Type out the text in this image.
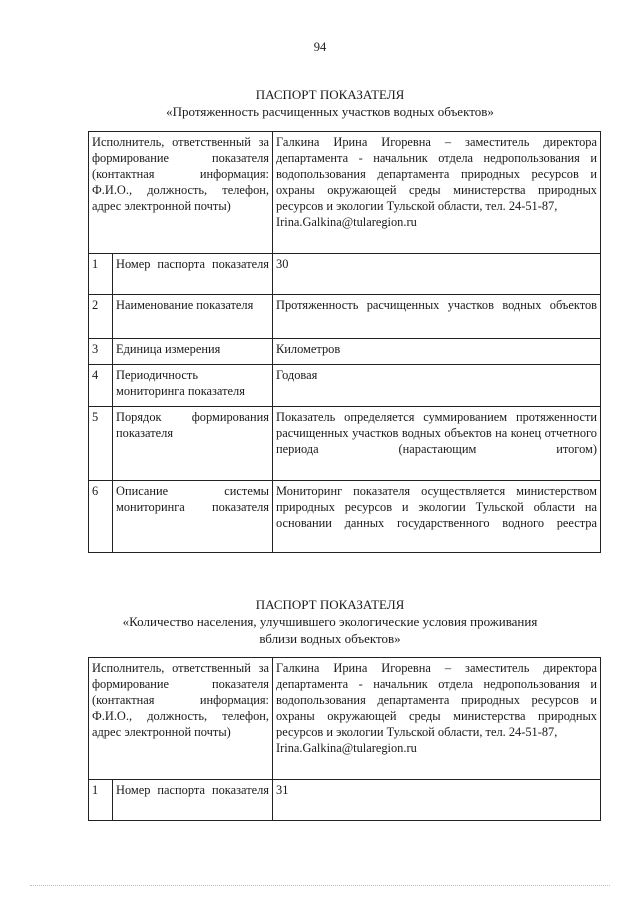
94
ПАСПОРТ ПОКАЗАТЕЛЯ
«Протяженность расчищенных участков водных объектов»
Исполнитель, ответственный за формирование показателя (контактная информация: Ф.И.О., должность, телефон, адрес электронной почты)		Галкина Ирина Игоревна – заместитель директора департамента - начальник отдела недропользования и водопользования департамента природных ресурсов и охраны окружающей среды министерства природных ресурсов и экологии Тульской области, тел. 24-51-87,
Irina.Galkina@tularegion.ru
1	Номер паспорта показателя	30
2	Наименование показателя	Протяженность расчищенных участков водных объектов
3	Единица измерения	Километров
4	Периодичность мониторинга показателя	Годовая
5	Порядок формирования показателя	Показатель определяется суммированием протяженности расчищенных участков водных объектов на конец отчетного периода (нарастающим итогом)
6	Описание системы мониторинга показателя	Мониторинг показателя осуществляется министерством природных ресурсов и экологии Тульской области на основании данных государственного водного реестра
ПАСПОРТ ПОКАЗАТЕЛЯ
«Количество населения, улучшившего экологические условия проживания
вблизи водных объектов»
Исполнитель, ответственный за формирование показателя (контактная информация: Ф.И.О., должность, телефон, адрес электронной почты)		Галкина Ирина Игоревна – заместитель директора департамента - начальник отдела недропользования и водопользования департамента природных ресурсов и охраны окружающей среды министерства природных ресурсов и экологии Тульской области, тел. 24-51-87,
Irina.Galkina@tularegion.ru
1	Номер паспорта показателя	31
